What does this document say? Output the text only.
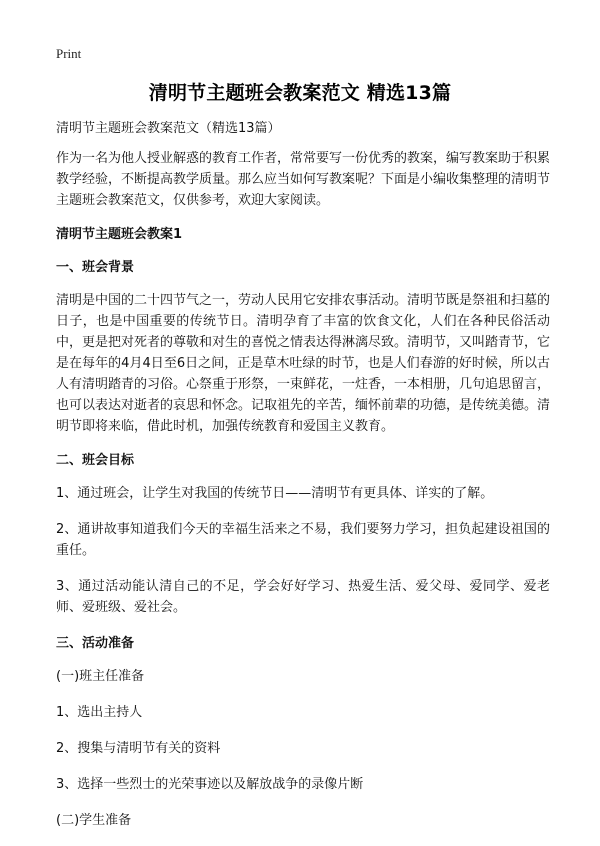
Print
清明节主题班会教案范文 精选13篇

清明节主题班会教案范文（精选13篇）

作为一名为他人授业解惑的教育工作者，常常要写一份优秀的教案，编写教案助于积累教学经验，不断提高教学质量。那么应当如何写教案呢？下面是小编收集整理的清明节主题班会教案范文，仅供参考，欢迎大家阅读。

清明节主题班会教案1
一、班会背景

清明是中国的二十四节气之一，劳动人民用它安排农事活动。清明节既是祭祖和扫墓的日子，也是中国重要的传统节日。清明孕育了丰富的饮食文化，人们在各种民俗活动中，更是把对死者的尊敬和对生的喜悦之情表达得淋漓尽致。清明节，又叫踏青节，它是在每年的4月4日至6日之间，正是草木吐绿的时节，也是人们春游的好时候，所以古人有清明踏青的习俗。心祭重于形祭，一束鲜花，一炷香，一本相册，几句追思留言，也可以表达对逝者的哀思和怀念。记取祖先的辛苦，缅怀前辈的功德，是传统美德。清明节即将来临，借此时机，加强传统教育和爱国主义教育。

二、班会目标

1、通过班会，让学生对我国的传统节日——清明节有更具体、详实的了解。

2、通讲故事知道我们今天的幸福生活来之不易，我们要努力学习，担负起建设祖国的重任。

3、通过活动能认清自己的不足，学会好好学习、热爱生活、爱父母、爱同学、爱老师、爱班级、爱社会。

三、活动准备

(一)班主任准备

1、选出主持人

2、搜集与清明节有关的资料

3、选择一些烈士的光荣事迹以及解放战争的录像片断

(二)学生准备
